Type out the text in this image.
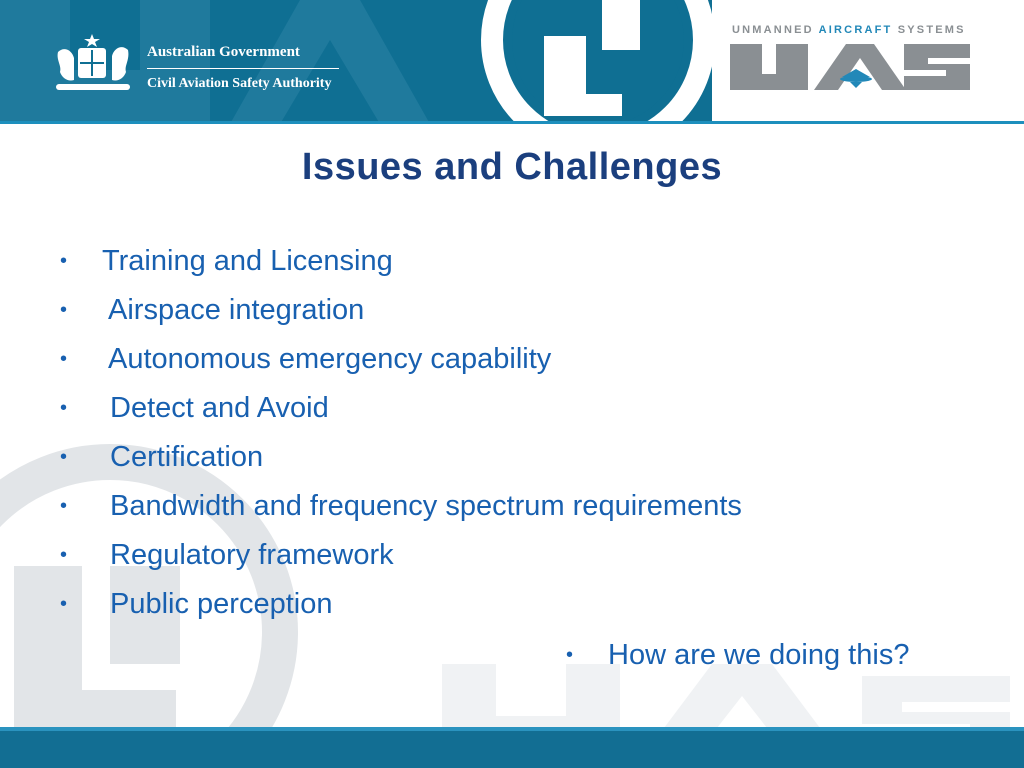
Australian Government
Civil Aviation Safety Authority
UNMANNED AIRCRAFT SYSTEMS
Issues and Challenges
• Training and Licensing
• Airspace integration
• Autonomous emergency capability
• Detect and Avoid
• Certification
• Bandwidth and frequency spectrum requirements
• Regulatory framework
• Public perception
• How are we doing this?
